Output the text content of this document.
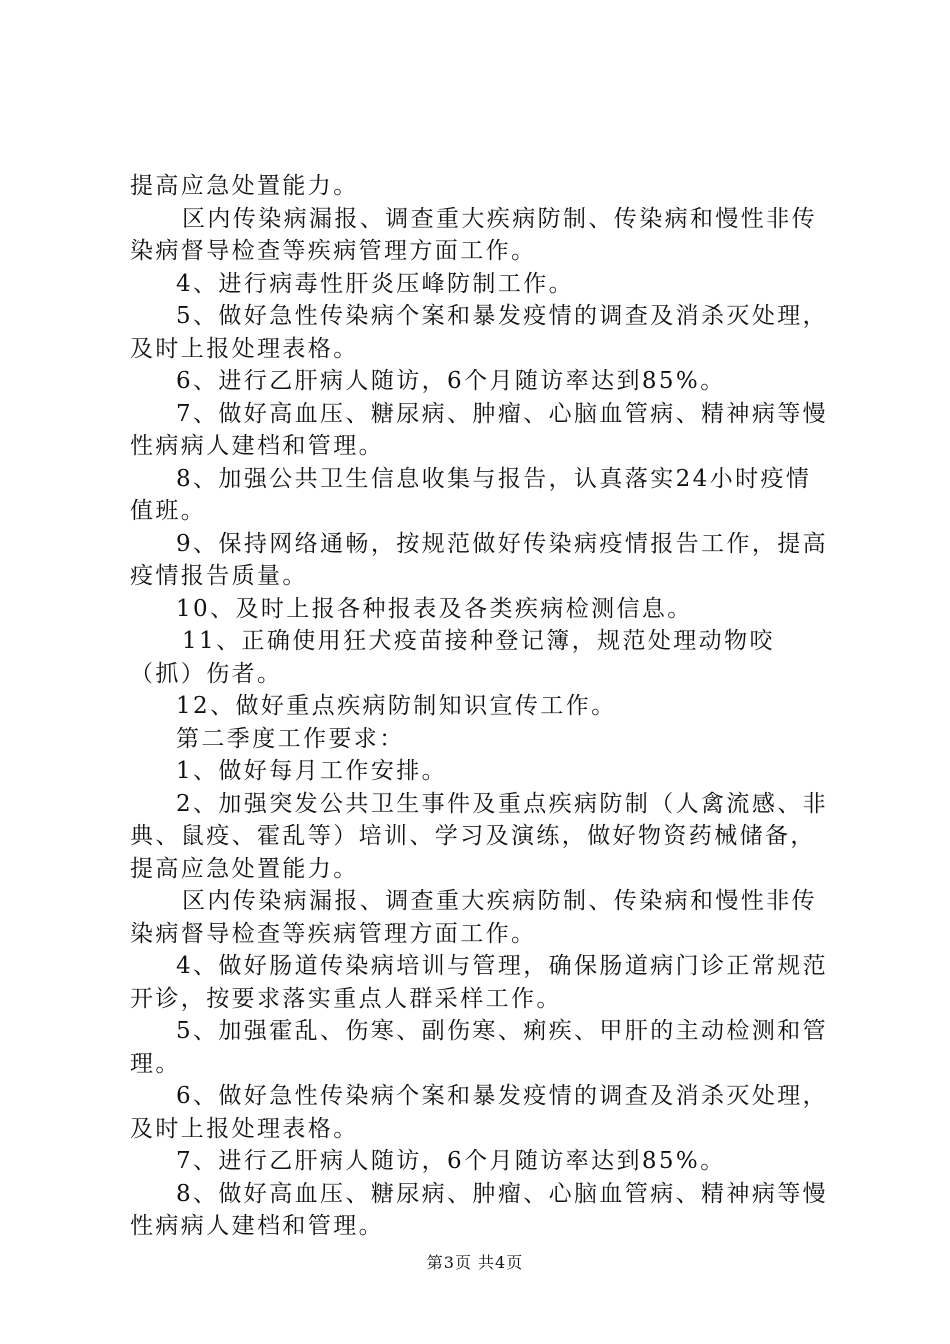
提高应急处置能力。

区内传染病漏报、调查重大疾病防制、传染病和慢性非传染病督导检查等疾病管理方面工作。

4、进行病毒性肝炎压峰防制工作。

5、做好急性传染病个案和暴发疫情的调查及消杀灭处理，及时上报处理表格。

6、进行乙肝病人随访，6个月随访率达到85%。

7、做好高血压、糖尿病、肿瘤、心脑血管病、精神病等慢性病病人建档和管理。

8、加强公共卫生信息收集与报告，认真落实24小时疫情值班。

9、保持网络通畅，按规范做好传染病疫情报告工作，提高疫情报告质量。

10、及时上报各种报表及各类疾病检测信息。

11、正确使用狂犬疫苗接种登记簿，规范处理动物咬（抓）伤者。

12、做好重点疾病防制知识宣传工作。

第二季度工作要求：

1、做好每月工作安排。

2、加强突发公共卫生事件及重点疾病防制（人禽流感、非典、鼠疫、霍乱等）培训、学习及演练，做好物资药械储备，提高应急处置能力。

区内传染病漏报、调查重大疾病防制、传染病和慢性非传染病督导检查等疾病管理方面工作。

4、做好肠道传染病培训与管理，确保肠道病门诊正常规范开诊，按要求落实重点人群采样工作。

5、加强霍乱、伤寒、副伤寒、痢疾、甲肝的主动检测和管理。

6、做好急性传染病个案和暴发疫情的调查及消杀灭处理，及时上报处理表格。

7、进行乙肝病人随访，6个月随访率达到85%。

8、做好高血压、糖尿病、肿瘤、心脑血管病、精神病等慢性病病人建档和管理。

第3页 共4页
